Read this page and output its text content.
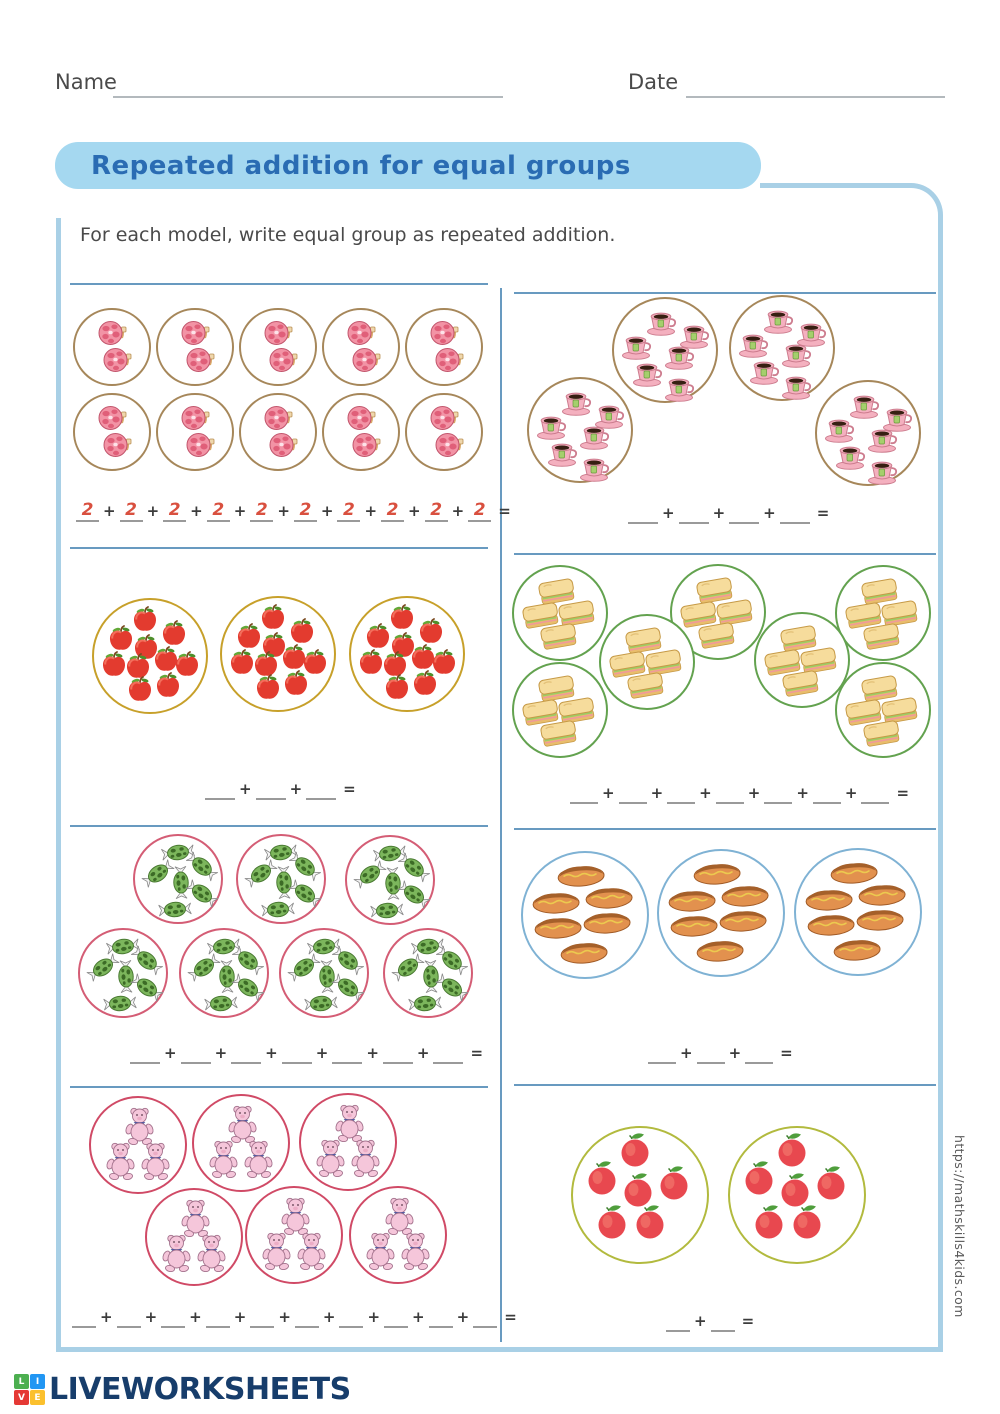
Name	Date
Repeated addition for equal groups
For each model, write equal group as repeated addition.
https://mathskills4kids.com
L	I
V	E LIVEWORKSHEETS
2 + 2 + 2 + 2 + 2 + 2 + 2 + 2 + 2 + 2 =	+	+	+	=
+	+	=	+ + + + + +	=
+	+	+	+	+	+	=	+ +	=
+ + + + + + + + + =	+ =
